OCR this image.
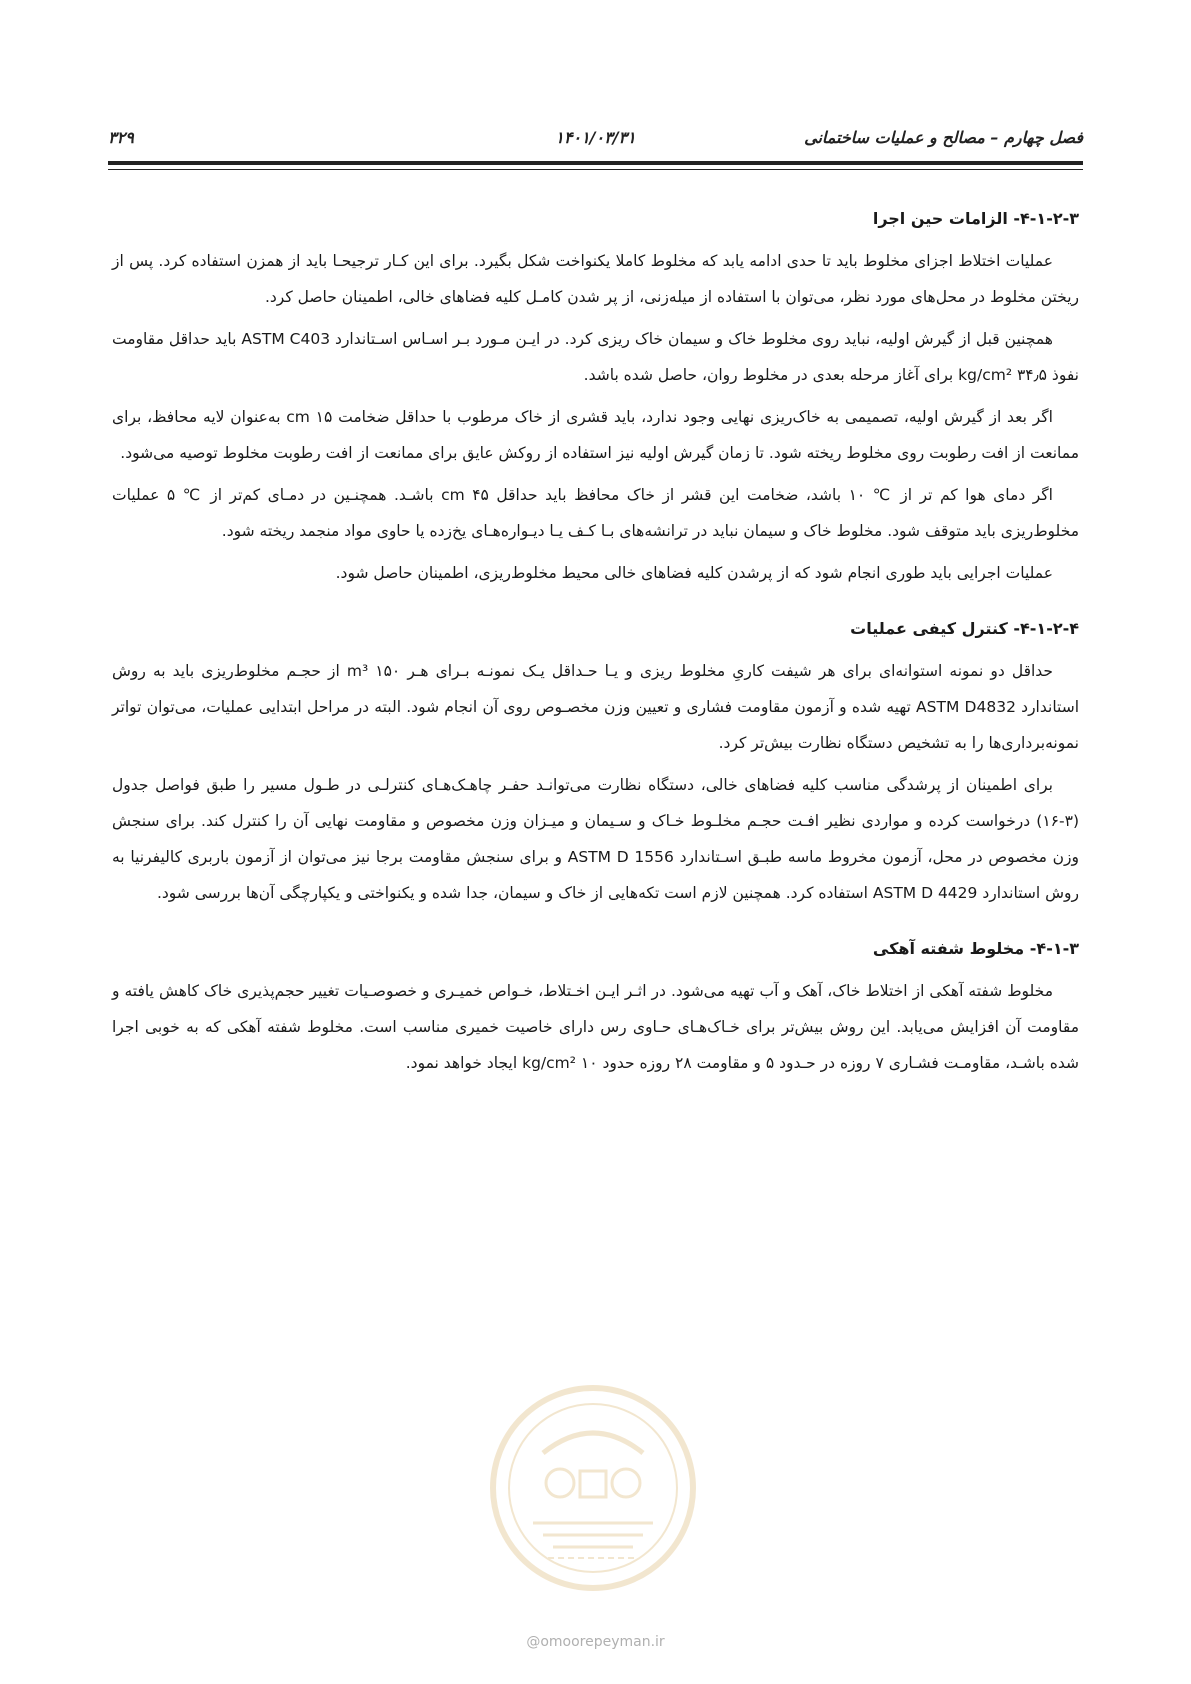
فصل چهارم – مصالح و عملیات ساختمانی
۱۴۰۱/۰۳/۳۱
۳۲۹
۴-۱-۲-۳- الزامات حین اجرا

عملیات اختلاط اجزای مخلوط باید تا حدی ادامه یابد که مخلوط کاملا یکنواخت شکل بگیرد. برای این کـار ترجیحـا باید از همزن استفاده کرد. پس از ریختن مخلوط در محل‌های مورد نظر، می‌توان با استفاده از میله‌زنی، از پر شدن کامـل کلیه فضاهای خالی، اطمینان حاصل کرد.

همچنین قبل از گیرش اولیه، نباید روی مخلوط خاک و سیمان خاک ریزی کرد. در ایـن مـورد بـر اسـاس اسـتاندارد ASTM C403 باید حداقل مقاومت نفوذ ۳۴٫۵ kg/cm² برای آغاز مرحله بعدی در مخلوط روان، حاصل شده باشد.

اگر بعد از گیرش اولیه، تصمیمی به خاک‌ریزی نهایی وجود ندارد، باید قشری از خاک مرطوب با حداقل ضخامت cm ۱۵ به‌عنوان لایه محافظ، برای ممانعت از افت رطوبت روی مخلوط ریخته شود. تا زمان گیرش اولیه نیز استفاده از روکش عایق برای ممانعت از افت رطوبت مخلوط توصیه می‌شود.

اگر دمای هوا کم تر از ℃ ۱۰ باشد، ضخامت این قشر از خاک محافظ باید حداقل ۴۵ cm باشـد. همچنـین در دمـای کم‌تر از ℃ ۵ عملیات مخلوط‌ریزی باید متوقف شود. مخلوط خاک و سیمان نباید در ترانشه‌های بـا کـف یـا دیـواره‌هـای یخ‌زده یا حاوی مواد منجمد ریخته شود.

عملیات اجرایی باید طوری انجام شود که از پرشدن کلیه فضاهای خالی محیط مخلوط‌ریزی، اطمینان حاصل شود.

۴-۱-۲-۴- کنترل کیفی عملیات

حداقل دو نمونه استوانه‌ای برای هر شیفت کاریِ مخلوط ریزی و یـا حـداقل یـک نمونـه بـرای هـر m³ ۱۵۰ از حجـم مخلوط‌ریزی باید به روش استاندارد ASTM D4832 تهیه شده و آزمون مقاومت فشاری و تعیین وزن مخصـوص روی آن انجام شود. البته در مراحل ابتدایی عملیات، می‌توان تواتر نمونه‌برداری‌ها را به تشخیص دستگاه نظارت بیش‌تر کرد.

برای اطمینان از پرشدگی مناسب کلیه فضاهای خالی، دستگاه نظارت می‌توانـد حفـر چاهـک‌هـای کنترلـی در طـول مسیر را طبق فواصل جدول (۳-۱۶) درخواست کرده و مواردی نظیر افـت حجـم مخلـوط خـاک و سـیمان و میـزان وزن مخصوص و مقاومت نهایی آن را کنترل کند. برای سنجش وزن مخصوص در محل، آزمون مخروط ماسه طبـق اسـتاندارد ASTM D 1556 و برای سنجش مقاومت برجا نیز می‌توان از آزمون باربری کالیفرنیا به روش استاندارد ASTM D 4429 استفاده کرد. همچنین لازم است تکه‌هایی از خاک و سیمان، جدا شده و یکنواختی و یکپارچگی آن‌ها بررسی شود.

۴-۱-۳- مخلوط شفته آهکی

مخلوط شفته آهکی از اختلاط خاک، آهک و آب تهیه می‌شود. در اثـر ایـن اخـتلاط، خـواص خمیـری و خصوصـیات تغییر حجم‌پذیری خاک کاهش یافته و مقاومت آن افزایش می‌یابد. این روش بیش‌تر برای خـاک‌هـای حـاوی رس دارای خاصیت خمیری مناسب است. مخلوط شفته آهکی که به خوبی اجرا شده باشـد، مقاومـت فشـاری ۷ روزه در حـدود ۵ و مقاومت ۲۸ روزه حدود kg/cm² ۱۰ ایجاد خواهد نمود.

@omoorepeyman.ir
